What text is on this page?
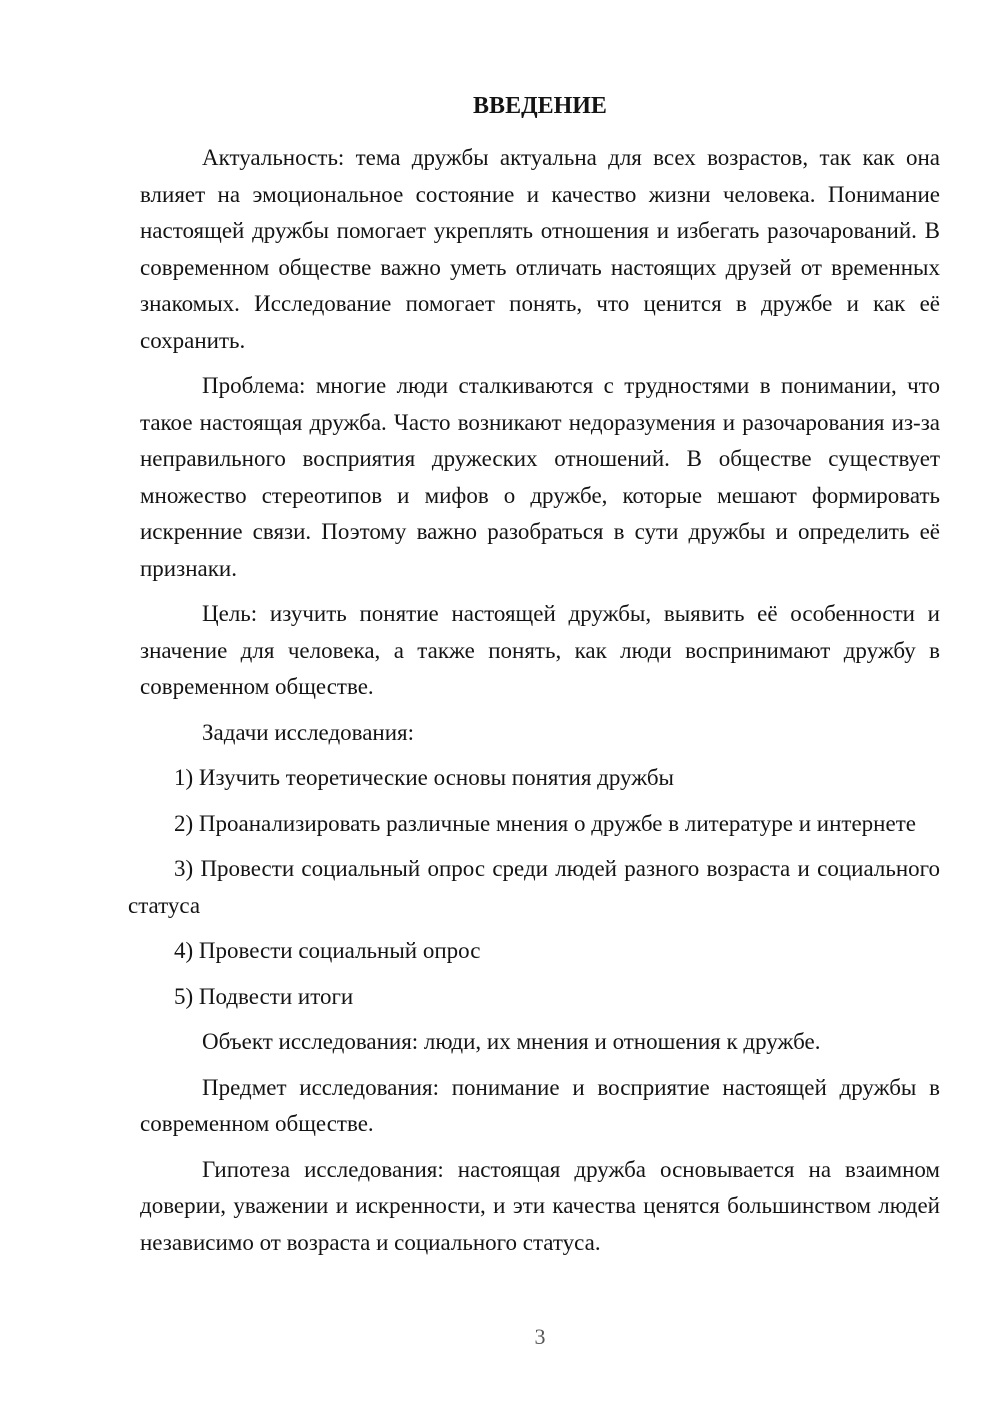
ВВЕДЕНИЕ

Актуальность: тема дружбы актуальна для всех возрастов, так как она влияет на эмоциональное состояние и качество жизни человека. Понимание настоящей дружбы помогает укреплять отношения и избегать разочарований. В современном обществе важно уметь отличать настоящих друзей от временных знакомых. Исследование помогает понять, что ценится в дружбе и как её сохранить.

Проблема: многие люди сталкиваются с трудностями в понимании, что такое настоящая дружба. Часто возникают недоразумения и разочарования из-за неправильного восприятия дружеских отношений. В обществе существует множество стереотипов и мифов о дружбе, которые мешают формировать искренние связи. Поэтому важно разобраться в сути дружбы и определить её признаки.

Цель: изучить понятие настоящей дружбы, выявить её особенности и значение для человека, а также понять, как люди воспринимают дружбу в современном обществе.

Задачи исследования:

1) Изучить теоретические основы понятия дружбы

2) Проанализировать различные мнения о дружбе в литературе и интернете

3) Провести социальный опрос среди людей разного возраста и социального статуса

4) Провести социальный опрос

5) Подвести итоги

Объект исследования: люди, их мнения и отношения к дружбе.

Предмет исследования: понимание и восприятие настоящей дружбы в современном обществе.

Гипотеза исследования: настоящая дружба основывается на взаимном доверии, уважении и искренности, и эти качества ценятся большинством людей независимо от возраста и социального статуса.

3
